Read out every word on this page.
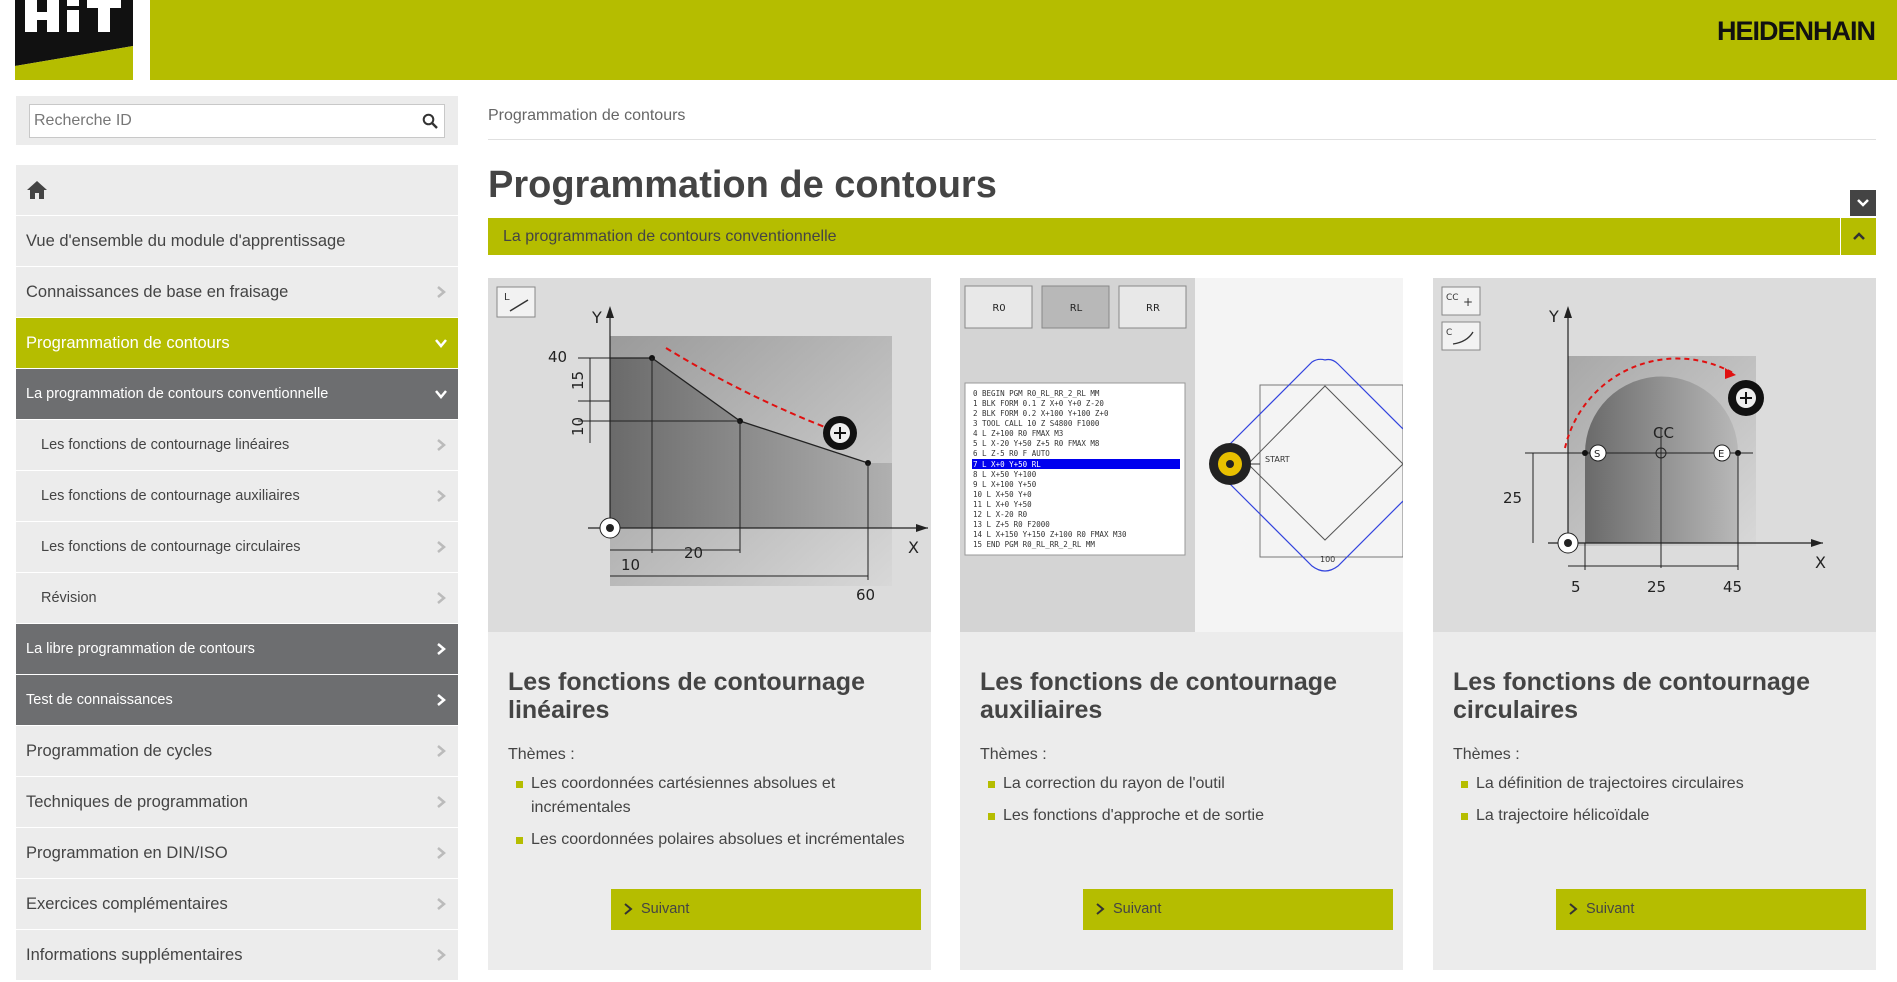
HEIDENHAIN
Recherche ID
Vue d'ensemble du module d'apprentissage
Connaissances de base en fraisage
Programmation de contours
La programmation de contours conventionnelle
Les fonctions de contournage linéaires
Les fonctions de contournage auxiliaires
Les fonctions de contournage circulaires
Révision
La libre programmation de contours
Test de connaissances
Programmation de cycles
Techniques de programmation
Programmation en DIN/ISO
Exercices complémentaires
Informations supplémentaires
Programmation de contours
Programmation de contours
La programmation de contours conventionnelle
L
Y
X
40
15
10
10
20
60
Les fonctions de contournage linéaires
Thèmes :
Les coordonnées cartésiennes absolues et incrémentales
Les coordonnées polaires absolues et incrémentales
Suivant
R0	RL	RR
0 BEGIN PGM R0_RL_RR_2_RL MM
1 BLK FORM 0.1 Z X+0 Y+0 Z-20
2 BLK FORM 0.2 X+100 Y+100 Z+0
3 TOOL CALL 10 Z S4800 F1000
4 L Z+100 R0 FMAX M3
5 L X-20 Y+50 Z+5 R0 FMAX M8
6 L Z-5 R0 F AUTO
7 L X+0 Y+50 RL
8 L X+50 Y+100
9 L X+100 Y+50
10 L X+50 Y+0
11 L X+0 Y+50
12 L X-20 R0
13 L Z+5 R0 F2000
14 L X+150 Y+150 Z+100 R0 FMAX M30
15 END PGM R0_RL_RR_2_RL MM
START
100
Les fonctions de contournage auxiliaires
Thèmes :
La correction du rayon de l'outil
Les fonctions d'approche et de sortie
Suivant
CC +
C
Y
X
CC
S	E
25
5	25	45
Les fonctions de contournage circulaires
Thèmes :
La définition de trajectoires circulaires
La trajectoire hélicoïdale
Suivant
